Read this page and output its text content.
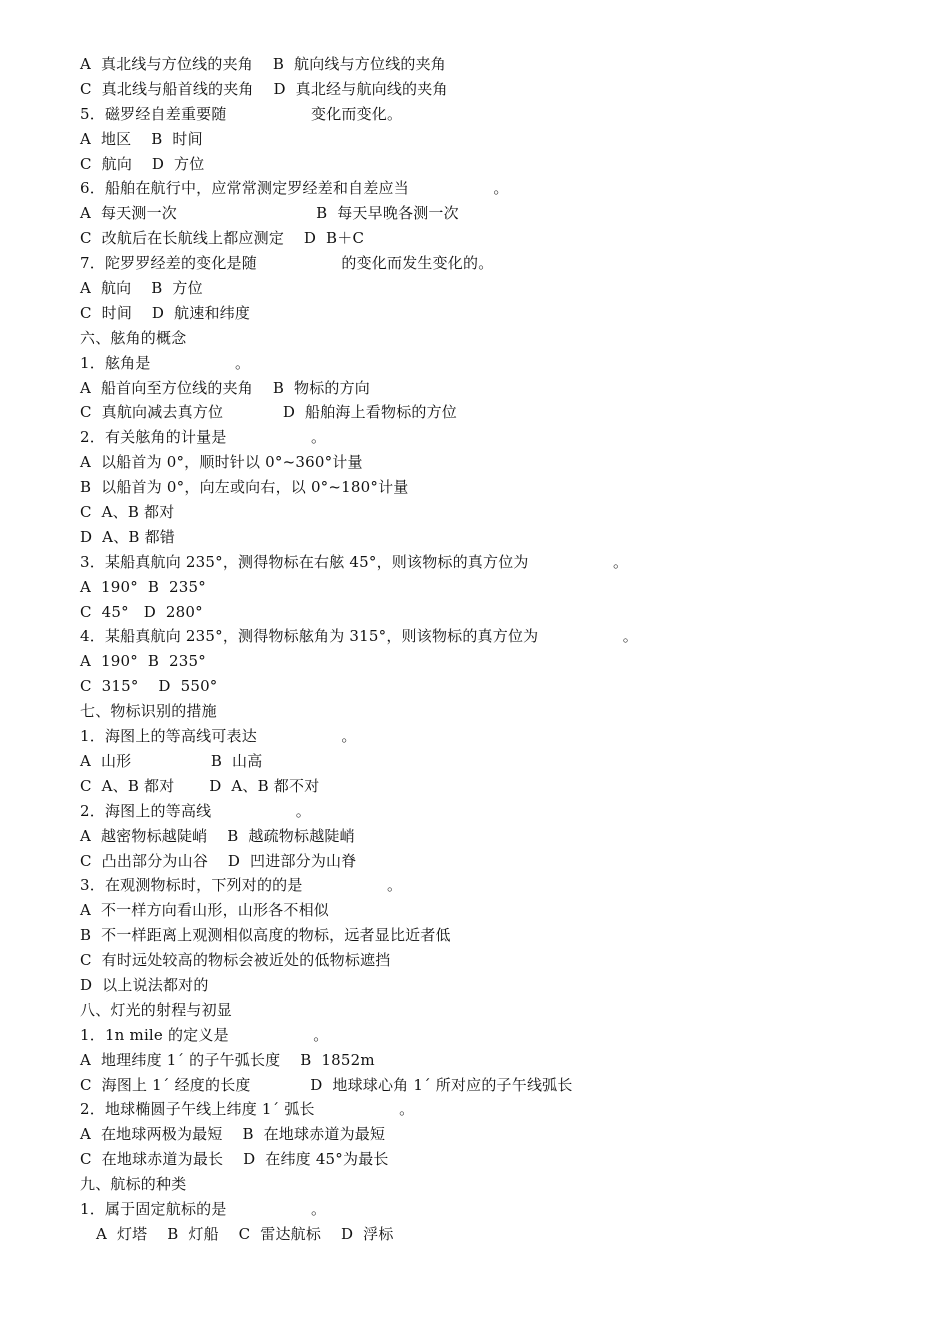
A  真北线与方位线的夹角    B  航向线与方位线的夹角
C  真北线与船首线的夹角    D  真北经与航向线的夹角
5．磁罗经自差重要随                 变化而变化。
A  地区    B  时间
C  航向    D  方位
6．船舶在航行中，应常常测定罗经差和自差应当                 。
A  每天测一次                            B  每天早晚各测一次
C  改航后在长航线上都应测定    D  B＋C
7．陀罗罗经差的变化是随                 的变化而发生变化的。
A  航向    B  方位
C  时间    D  航速和纬度
六、舷角的概念
1．舷角是                 。
A  船首向至方位线的夹角    B  物标的方向
C  真航向减去真方位            D  船舶海上看物标的方位
2．有关舷角的计量是                 。
A  以船首为 0°，顺时针以 0°~360°计量
B  以船首为 0°，向左或向右，以 0°~180°计量
C  A、B 都对
D  A、B 都错
3．某船真航向 235°，测得物标在右舷 45°，则该物标的真方位为                 。
A  190°  B  235°
C  45°   D  280°
4．某船真航向 235°，测得物标舷角为 315°，则该物标的真方位为                 。
A  190°  B  235°
C  315°    D  550°
七、物标识别的措施
1．海图上的等高线可表达                 。
A  山形                B  山高
C  A、B 都对       D  A、B 都不对
2．海图上的等高线                 。
A  越密物标越陡峭    B  越疏物标越陡峭
C  凸出部分为山谷    D  凹进部分为山脊
3．在观测物标时，下列对的的是                 。
A  不一样方向看山形，山形各不相似
B  不一样距离上观测相似高度的物标，远者显比近者低
C  有时远处较高的物标会被近处的低物标遮挡
D  以上说法都对的
八、灯光的射程与初显
1．1n mile 的定义是                 。
A  地理纬度 1´ 的子午弧长度    B  1852m
C  海图上 1´ 经度的长度            D  地球球心角 1´ 所对应的子午线弧长
2．地球椭圆子午线上纬度 1´ 弧长                 。
A  在地球两极为最短    B  在地球赤道为最短
C  在地球赤道为最长    D  在纬度 45°为最长
九、航标的种类
1．属于固定航标的是                 。
A  灯塔    B  灯船    C  雷达航标    D  浮标
